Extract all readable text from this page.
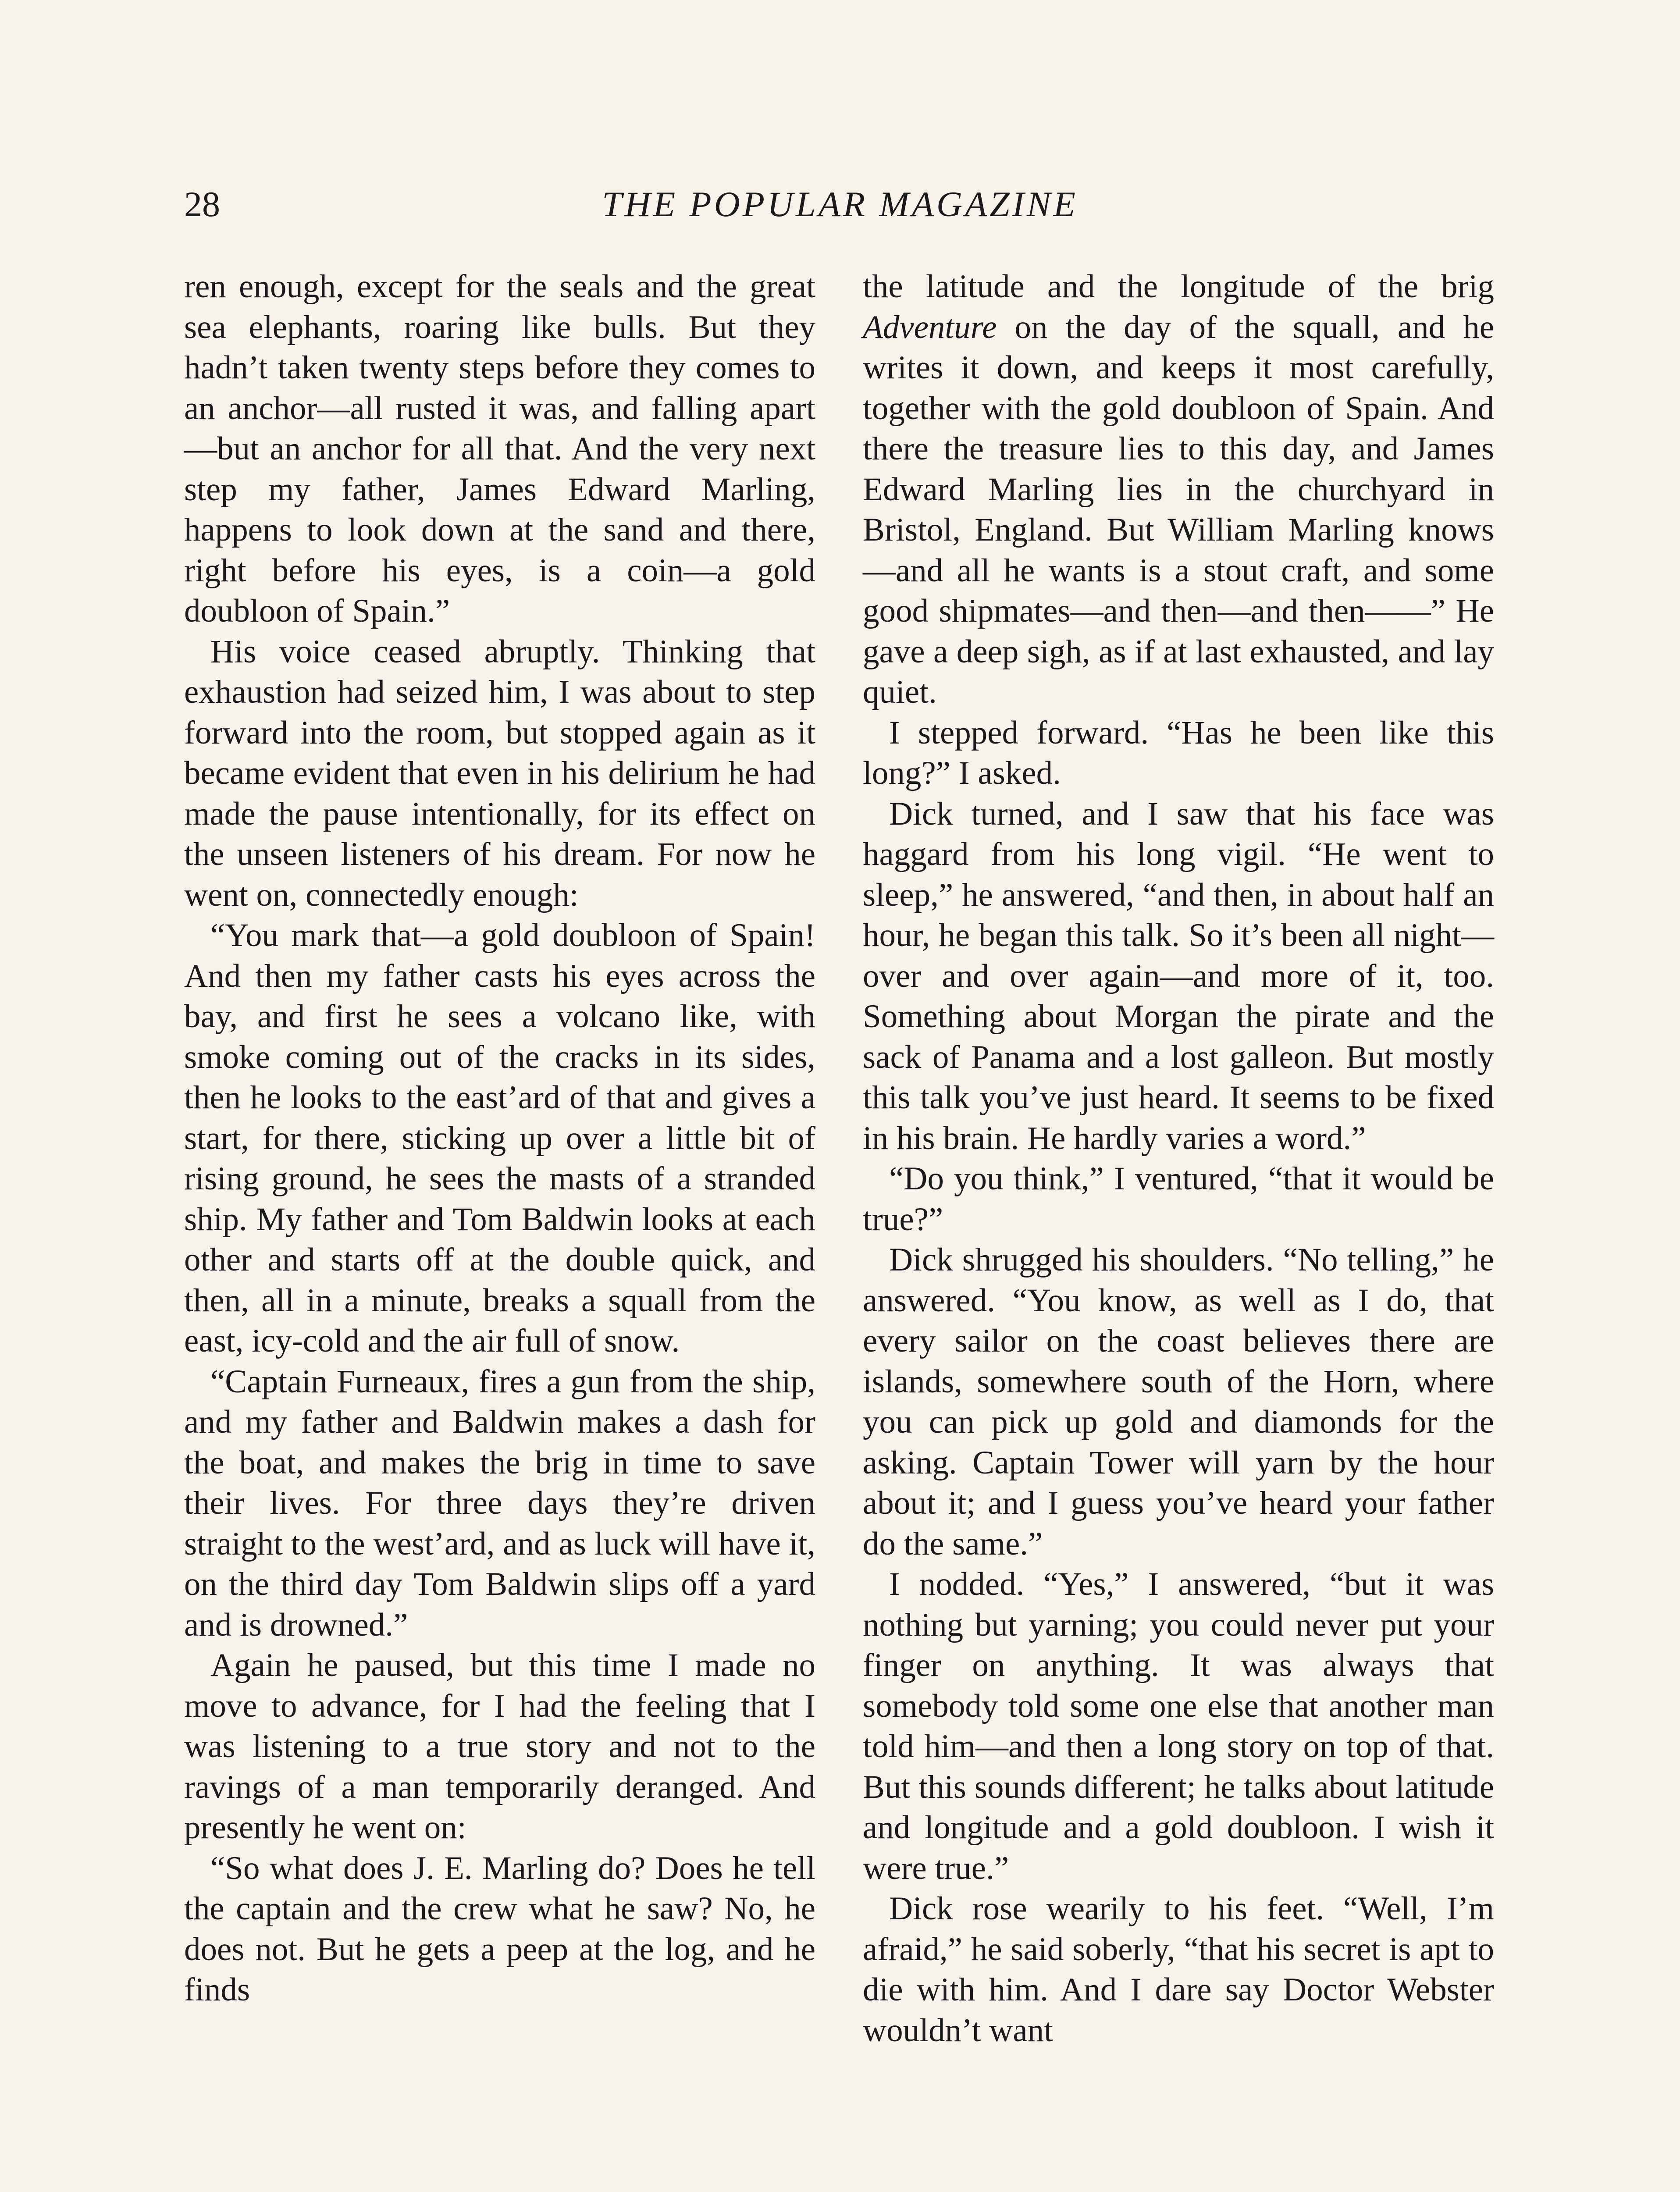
28	THE POPULAR MAGAZINE

ren enough, except for the seals and the great sea elephants, roaring like bulls. But they hadn’t taken twenty steps before they comes to an anchor—all rusted it was, and falling apart—but an anchor for all that. And the very next step my father, James Edward Marling, happens to look down at the sand and there, right before his eyes, is a coin—a gold doubloon of Spain.”

His voice ceased abruptly. Thinking that exhaustion had seized him, I was about to step forward into the room, but stopped again as it became evident that even in his delirium he had made the pause intentionally, for its effect on the unseen listeners of his dream. For now he went on, connectedly enough:

“You mark that—a gold doubloon of Spain! And then my father casts his eyes across the bay, and first he sees a volcano like, with smoke coming out of the cracks in its sides, then he looks to the east’ard of that and gives a start, for there, sticking up over a little bit of rising ground, he sees the masts of a stranded ship. My father and Tom Baldwin looks at each other and starts off at the double quick, and then, all in a minute, breaks a squall from the east, icy-cold and the air full of snow.

“Captain Furneaux, fires a gun from the ship, and my father and Baldwin makes a dash for the boat, and makes the brig in time to save their lives. For three days they’re driven straight to the west’ard, and as luck will have it, on the third day Tom Baldwin slips off a yard and is drowned.”

Again he paused, but this time I made no move to advance, for I had the feeling that I was listening to a true story and not to the ravings of a man temporarily deranged. And presently he went on:

“So what does J. E. Marling do? Does he tell the captain and the crew what he saw? No, he does not. But he gets a peep at the log, and he finds

the latitude and the longitude of the brig Adventure on the day of the squall, and he writes it down, and keeps it most carefully, together with the gold doubloon of Spain. And there the treasure lies to this day, and James Edward Marling lies in the churchyard in Bristol, England. But William Marling knows—and all he wants is a stout craft, and some good shipmates—and then—and then——” He gave a deep sigh, as if at last exhausted, and lay quiet.

I stepped forward. “Has he been like this long?” I asked.

Dick turned, and I saw that his face was haggard from his long vigil. “He went to sleep,” he answered, “and then, in about half an hour, he began this talk. So it’s been all night—over and over again—and more of it, too. Something about Morgan the pirate and the sack of Panama and a lost galleon. But mostly this talk you’ve just heard. It seems to be fixed in his brain. He hardly varies a word.”

“Do you think,” I ventured, “that it would be true?”

Dick shrugged his shoulders. “No telling,” he answered. “You know, as well as I do, that every sailor on the coast believes there are islands, somewhere south of the Horn, where you can pick up gold and diamonds for the asking. Captain Tower will yarn by the hour about it; and I guess you’ve heard your father do the same.”

I nodded. “Yes,” I answered, “but it was nothing but yarning; you could never put your finger on anything. It was always that somebody told some one else that another man told him—and then a long story on top of that. But this sounds different; he talks about latitude and longitude and a gold doubloon. I wish it were true.”

Dick rose wearily to his feet. “Well, I’m afraid,” he said soberly, “that his secret is apt to die with him. And I dare say Doctor Webster wouldn’t want
